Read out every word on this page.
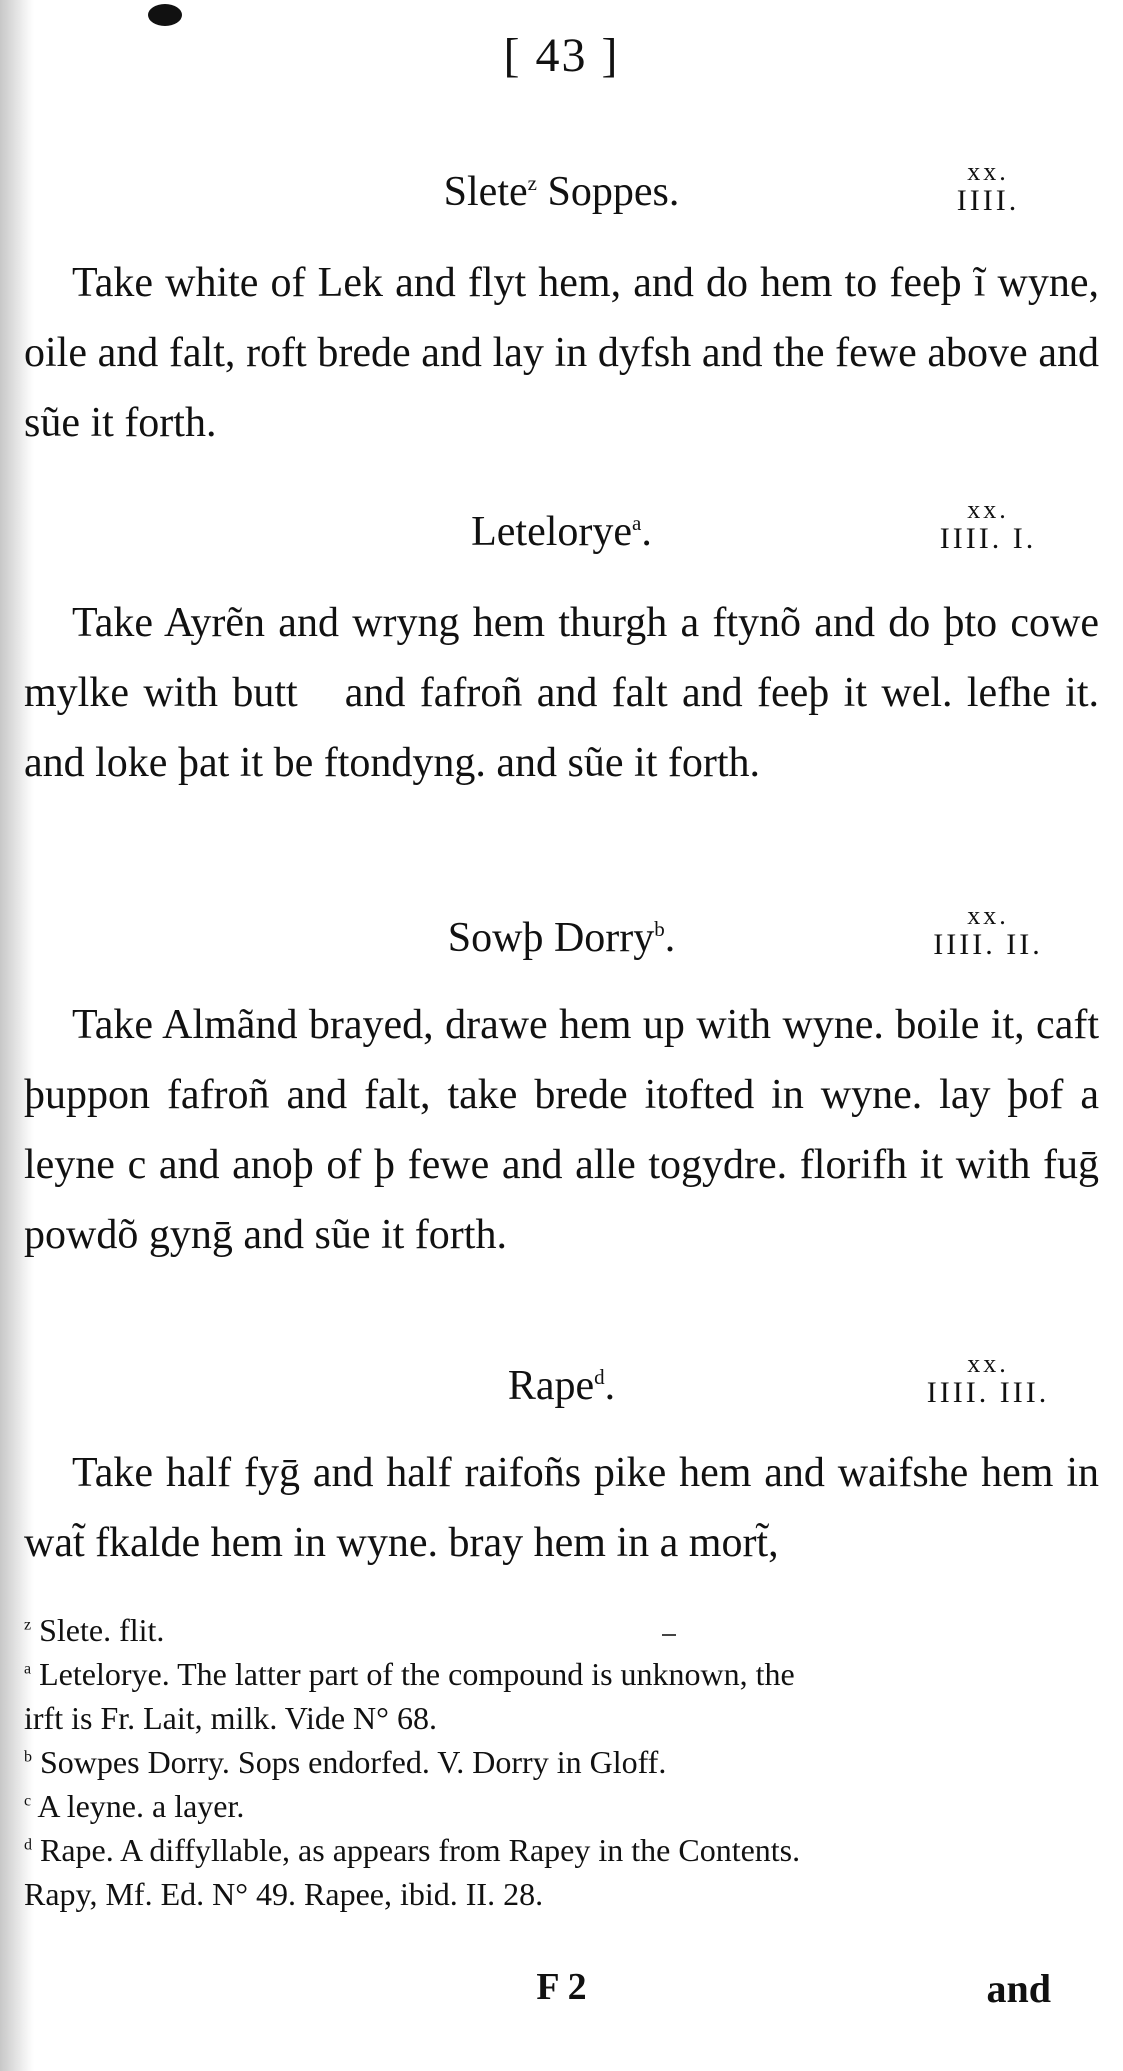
[ 43 ]
Slete$^z$ Soppes.	xx.
IIII.

Take white of Lek and flyt hem, and do hem to feeþ ĩ wyne, oile and falt, roft brede and lay in dyfsh and the fewe above and sũe it forth.

Letelorye$^a$.	xx.
IIII. I.

Take Ayrẽn and wryng hem thurgh a ftynõ and do þto cowe mylke with buttᷓ and fafroñ and falt and feeþ it wel. lefhe it. and loke þat it be ftondyng. and sũe it forth.

Sowþ Dorry$^b$.	xx.
IIII. II.

Take Almãnd brayed, drawe hem up with wyne. boile it, caft þuppon fafroñ and falt, take brede itofted in wyne. lay þof a leyne c and anoþ of þ fewe and alle togydre. florifh it with fuḡ powdõ gynḡ and sũe it forth.

Rape$^d$.	xx.
IIII. III.

Take half fyḡ and half raifoñs pike hem and waifshe hem in wat̃ fkalde hem in wyne. bray hem in a mort̃,

$^z$ Slete. flit.

$^a$ Letelorye. The latter part of the compound is unknown, the

irft is Fr. Lait, milk. Vide N° 68.

$^b$ Sowpes Dorry. Sops endorfed. V. Dorry in Gloff.

$^c$ A leyne. a layer.

$^d$ Rape. A diffyllable, as appears from Rapey in the Contents.

Rapy, Mf. Ed. N° 49. Rapee, ibid. II. 28.

F 2	and
